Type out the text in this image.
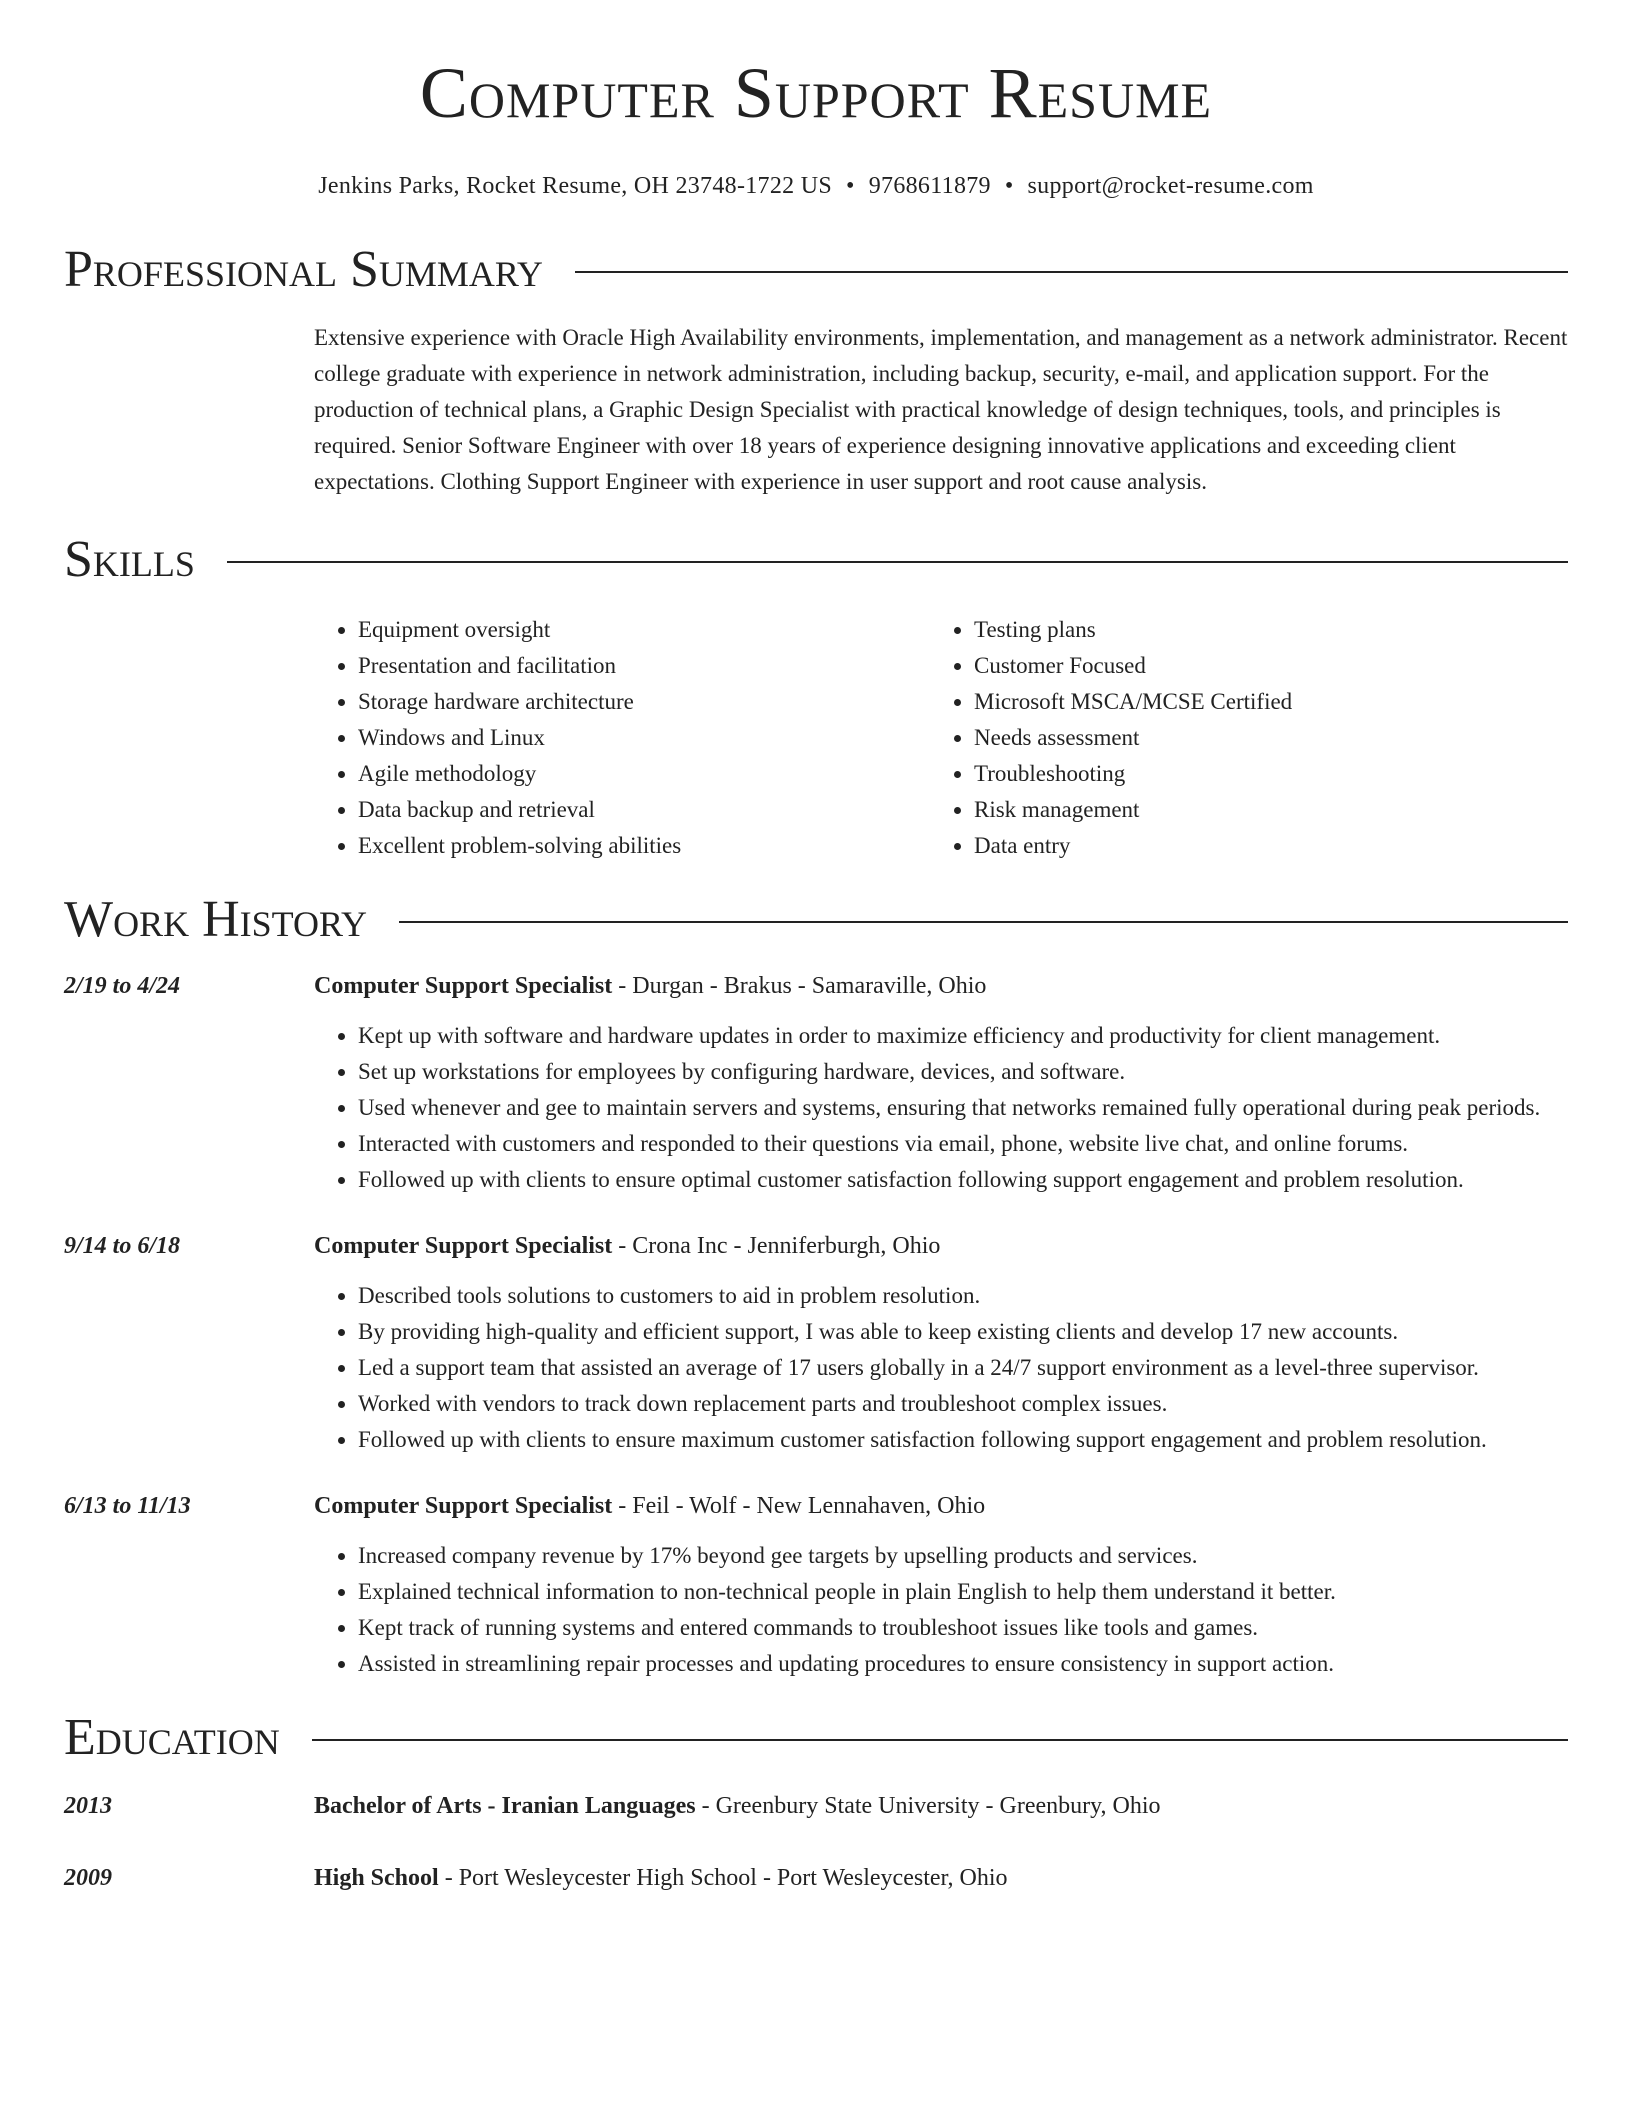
Computer Support Resume
Jenkins Parks, Rocket Resume, OH 23748-1722 US • 9768611879 • support@rocket-resume.com
Professional Summary
Extensive experience with Oracle High Availability environments, implementation, and management as a network administrator. Recent college graduate with experience in network administration, including backup, security, e-mail, and application support. For the production of technical plans, a Graphic Design Specialist with practical knowledge of design techniques, tools, and principles is required. Senior Software Engineer with over 18 years of experience designing innovative applications and exceeding client expectations. Clothing Support Engineer with experience in user support and root cause analysis.
Skills
• Equipment oversight
• Presentation and facilitation
• Storage hardware architecture
• Windows and Linux
• Agile methodology
• Data backup and retrieval
• Excellent problem-solving abilities
• Testing plans
• Customer Focused
• Microsoft MSCA/MCSE Certified
• Needs assessment
• Troubleshooting
• Risk management
• Data entry
Work History
2/19 to 4/24	Computer Support Specialist - Durgan - Brakus - Samaraville, Ohio
• Kept up with software and hardware updates in order to maximize efficiency and productivity for client management.
• Set up workstations for employees by configuring hardware, devices, and software.
• Used whenever and gee to maintain servers and systems, ensuring that networks remained fully operational during peak periods.
• Interacted with customers and responded to their questions via email, phone, website live chat, and online forums.
• Followed up with clients to ensure optimal customer satisfaction following support engagement and problem resolution.
9/14 to 6/18	Computer Support Specialist - Crona Inc - Jenniferburgh, Ohio
• Described tools solutions to customers to aid in problem resolution.
• By providing high-quality and efficient support, I was able to keep existing clients and develop 17 new accounts.
• Led a support team that assisted an average of 17 users globally in a 24/7 support environment as a level-three supervisor.
• Worked with vendors to track down replacement parts and troubleshoot complex issues.
• Followed up with clients to ensure maximum customer satisfaction following support engagement and problem resolution.
6/13 to 11/13	Computer Support Specialist - Feil - Wolf - New Lennahaven, Ohio
• Increased company revenue by 17% beyond gee targets by upselling products and services.
• Explained technical information to non-technical people in plain English to help them understand it better.
• Kept track of running systems and entered commands to troubleshoot issues like tools and games.
• Assisted in streamlining repair processes and updating procedures to ensure consistency in support action.
Education
2013	Bachelor of Arts - Iranian Languages - Greenbury State University - Greenbury, Ohio
2009	High School - Port Wesleycester High School - Port Wesleycester, Ohio
